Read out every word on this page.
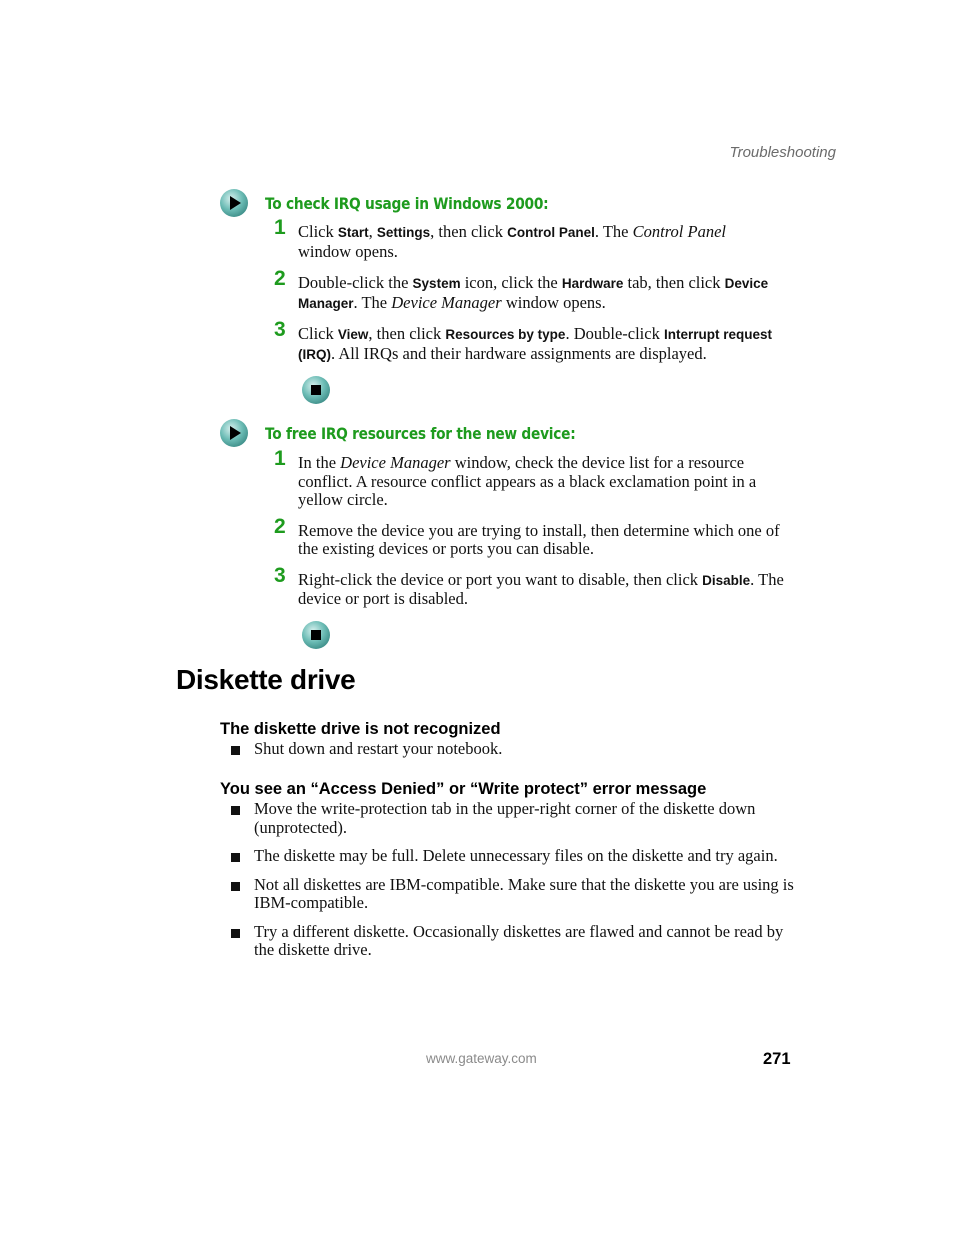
Troubleshooting
To check IRQ usage in Windows 2000:
1 Click Start, Settings, then click Control Panel. The Control Panel window opens.
2 Double-click the System icon, click the Hardware tab, then click Device Manager. The Device Manager window opens.
3 Click View, then click Resources by type. Double-click Interrupt request (IRQ). All IRQs and their hardware assignments are displayed.
To free IRQ resources for the new device:
1 In the Device Manager window, check the device list for a resource conflict. A resource conflict appears as a black exclamation point in a yellow circle.
2 Remove the device you are trying to install, then determine which one of the existing devices or ports you can disable.
3 Right-click the device or port you want to disable, then click Disable. The device or port is disabled.
Diskette drive
The diskette drive is not recognized
Shut down and restart your notebook.
You see an “Access Denied” or “Write protect” error message
Move the write-protection tab in the upper-right corner of the diskette down (unprotected).
The diskette may be full. Delete unnecessary files on the diskette and try again.
Not all diskettes are IBM-compatible. Make sure that the diskette you are using is IBM-compatible.
Try a different diskette. Occasionally diskettes are flawed and cannot be read by the diskette drive.
www.gateway.com	271
